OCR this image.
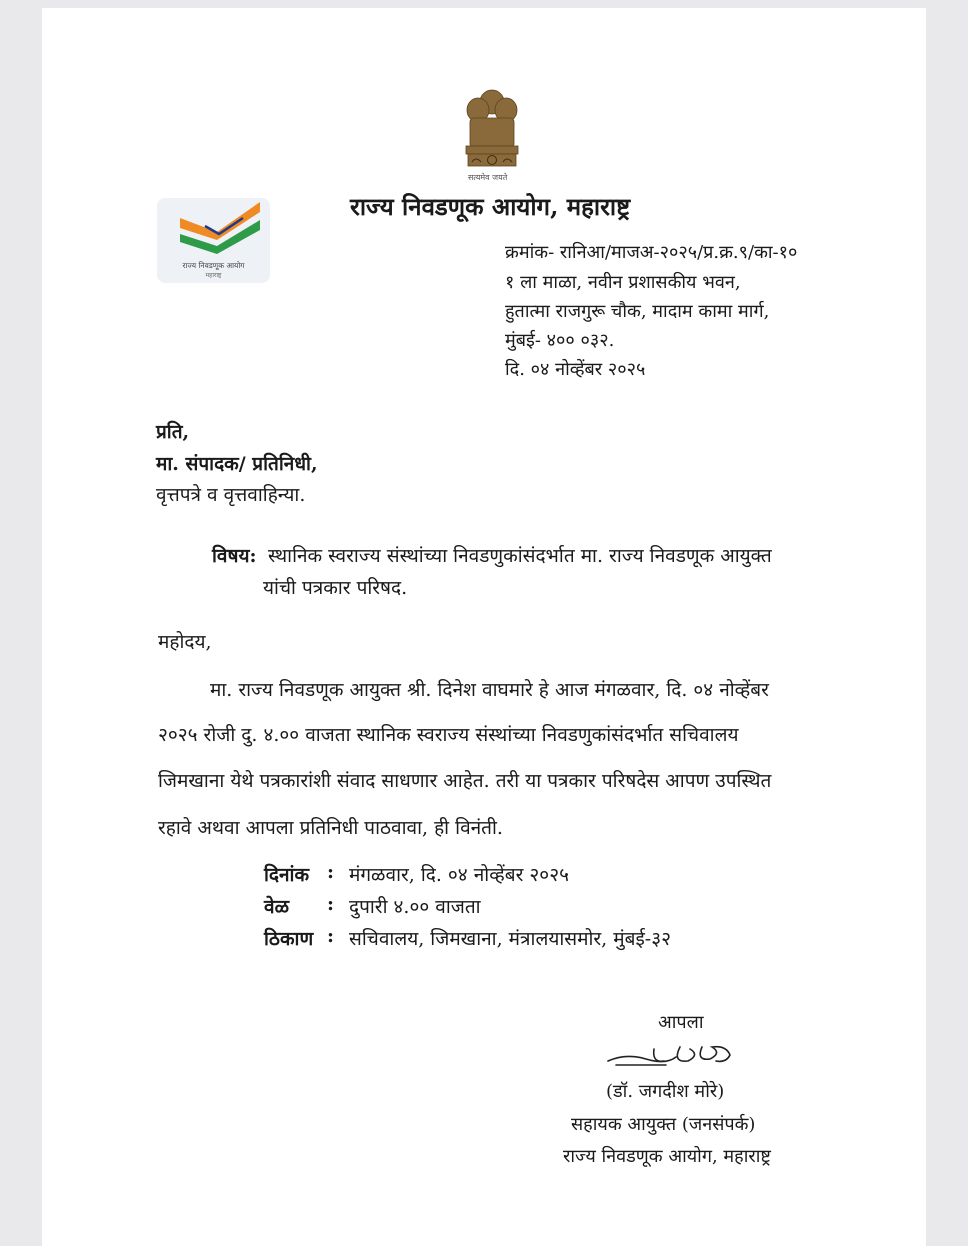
सत्यमेव जयते
राज्य निवडणूक आयोग
महाराष्ट्र
राज्य निवडणूक आयोग, महाराष्ट्र
क्रमांक- रानिआ/माजअ-२०२५/प्र.क्र.९/का-१०
१ ला माळा, नवीन प्रशासकीय भवन,
हुतात्मा राजगुरू चौक, मादाम कामा मार्ग,
मुंबई- ४०० ०३२.
दि. ०४ नोव्हेंबर २०२५
प्रति,
मा. संपादक/ प्रतिनिधी,
वृत्तपत्रे व वृत्तवाहिन्या.
विषय: स्थानिक स्वराज्य संस्थांच्या निवडणुकांसंदर्भात मा. राज्य निवडणूक आयुक्त
यांची पत्रकार परिषद.
महोदय,
मा. राज्य निवडणूक आयुक्त श्री. दिनेश वाघमारे हे आज मंगळवार, दि. ०४ नोव्हेंबर
२०२५ रोजी दु. ४.०० वाजता स्थानिक स्वराज्य संस्थांच्या निवडणुकांसंदर्भात सचिवालय
जिमखाना येथे पत्रकारांशी संवाद साधणार आहेत. तरी या पत्रकार परिषदेस आपण उपस्थित
रहावे अथवा आपला प्रतिनिधी पाठवावा, ही विनंती.
दिनांक : मंगळवार, दि. ०४ नोव्हेंबर २०२५
वेळ : दुपारी ४.०० वाजता
ठिकाण : सचिवालय, जिमखाना, मंत्रालयासमोर, मुंबई-३२
आपला
(डॉ. जगदीश मोरे)
सहायक आयुक्त (जनसंपर्क)
राज्य निवडणूक आयोग, महाराष्ट्र
